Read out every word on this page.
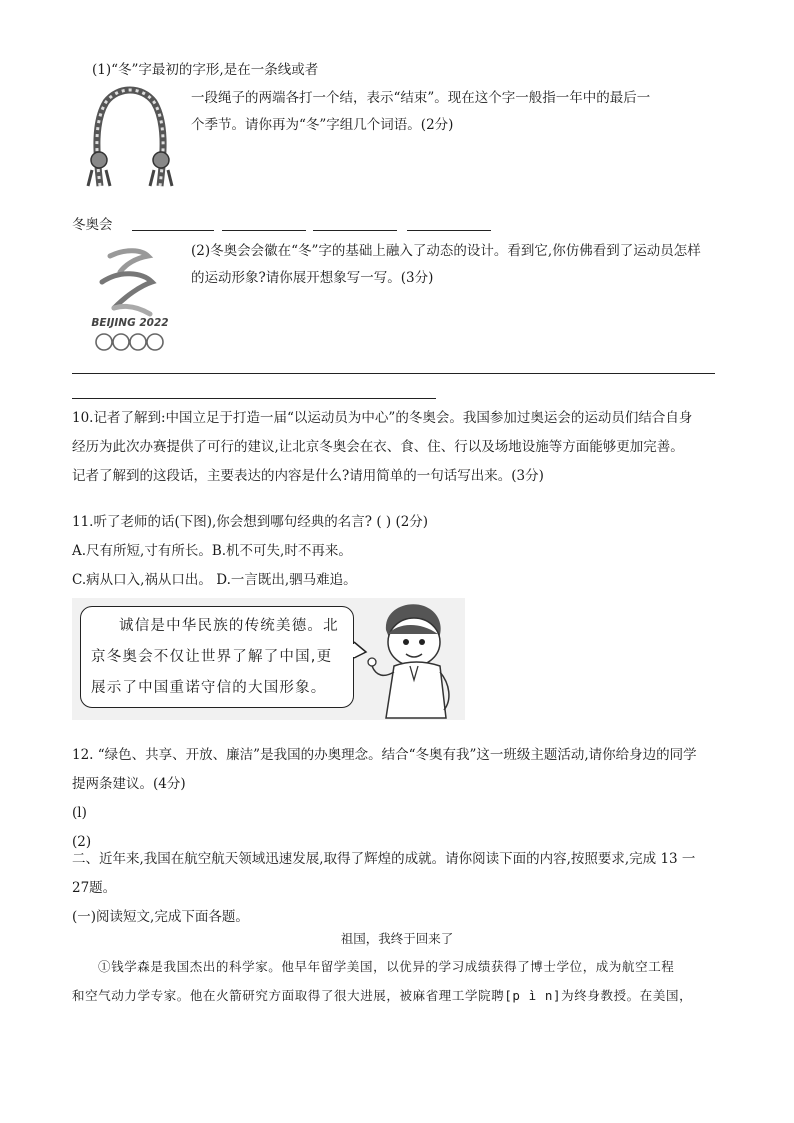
(1)“冬”字最初的字形,是在一条线或者
一段绳子的两端各打一个结，表示“结束”。现在这个字一般指一年中的最后一
个季节。请你再为“冬”字组几个词语。(2分)
冬奥会
BEIJING 2022
(2)冬奥会会徽在“冬”字的基础上融入了动态的设计。看到它,你仿佛看到了运动员怎样
的运动形象?请你展开想象写一写。(3分)
10.记者了解到:中国立足于打造一届“以运动员为中心”的冬奥会。我国参加过奥运会的运动员们结合自身
经历为此次办赛提供了可行的建议,让北京冬奥会在衣、食、住、行以及场地设施等方面能够更加完善。
记者了解到的这段话，主要表达的内容是什么?请用简单的一句话写出来。(3分)
11.听了老师的话(下图),你会想到哪句经典的名言? ( ) (2分)
A.尺有所短,寸有所长。B.机不可失,时不再来。
C.病从口入,祸从口出。 D.一言既出,驷马难追。

诚信是中华民族的传统美德。北

京冬奥会不仅让世界了解了中国,更

展示了中国重诺守信的大国形象。

12. “绿色、共享、开放、廉洁”是我国的办奥理念。结合“冬奥有我”这一班级主题活动,请你给身边的同学
提两条建议。(4分)
(l)
(2)
二、近年来,我国在航空航天领域迅速发展,取得了辉煌的成就。请你阅读下面的内容,按照要求,完成 13 一
27题。
(一)阅读短文,完成下面各题。
祖国，我终于回来了
①钱学森是我国杰出的科学家。他早年留学美国，以优异的学习成绩获得了博士学位，成为航空工程
和空气动力学专家。他在火箭研究方面取得了很大进展，被麻省理工学院聘[p ì n]为终身教授。在美国，
